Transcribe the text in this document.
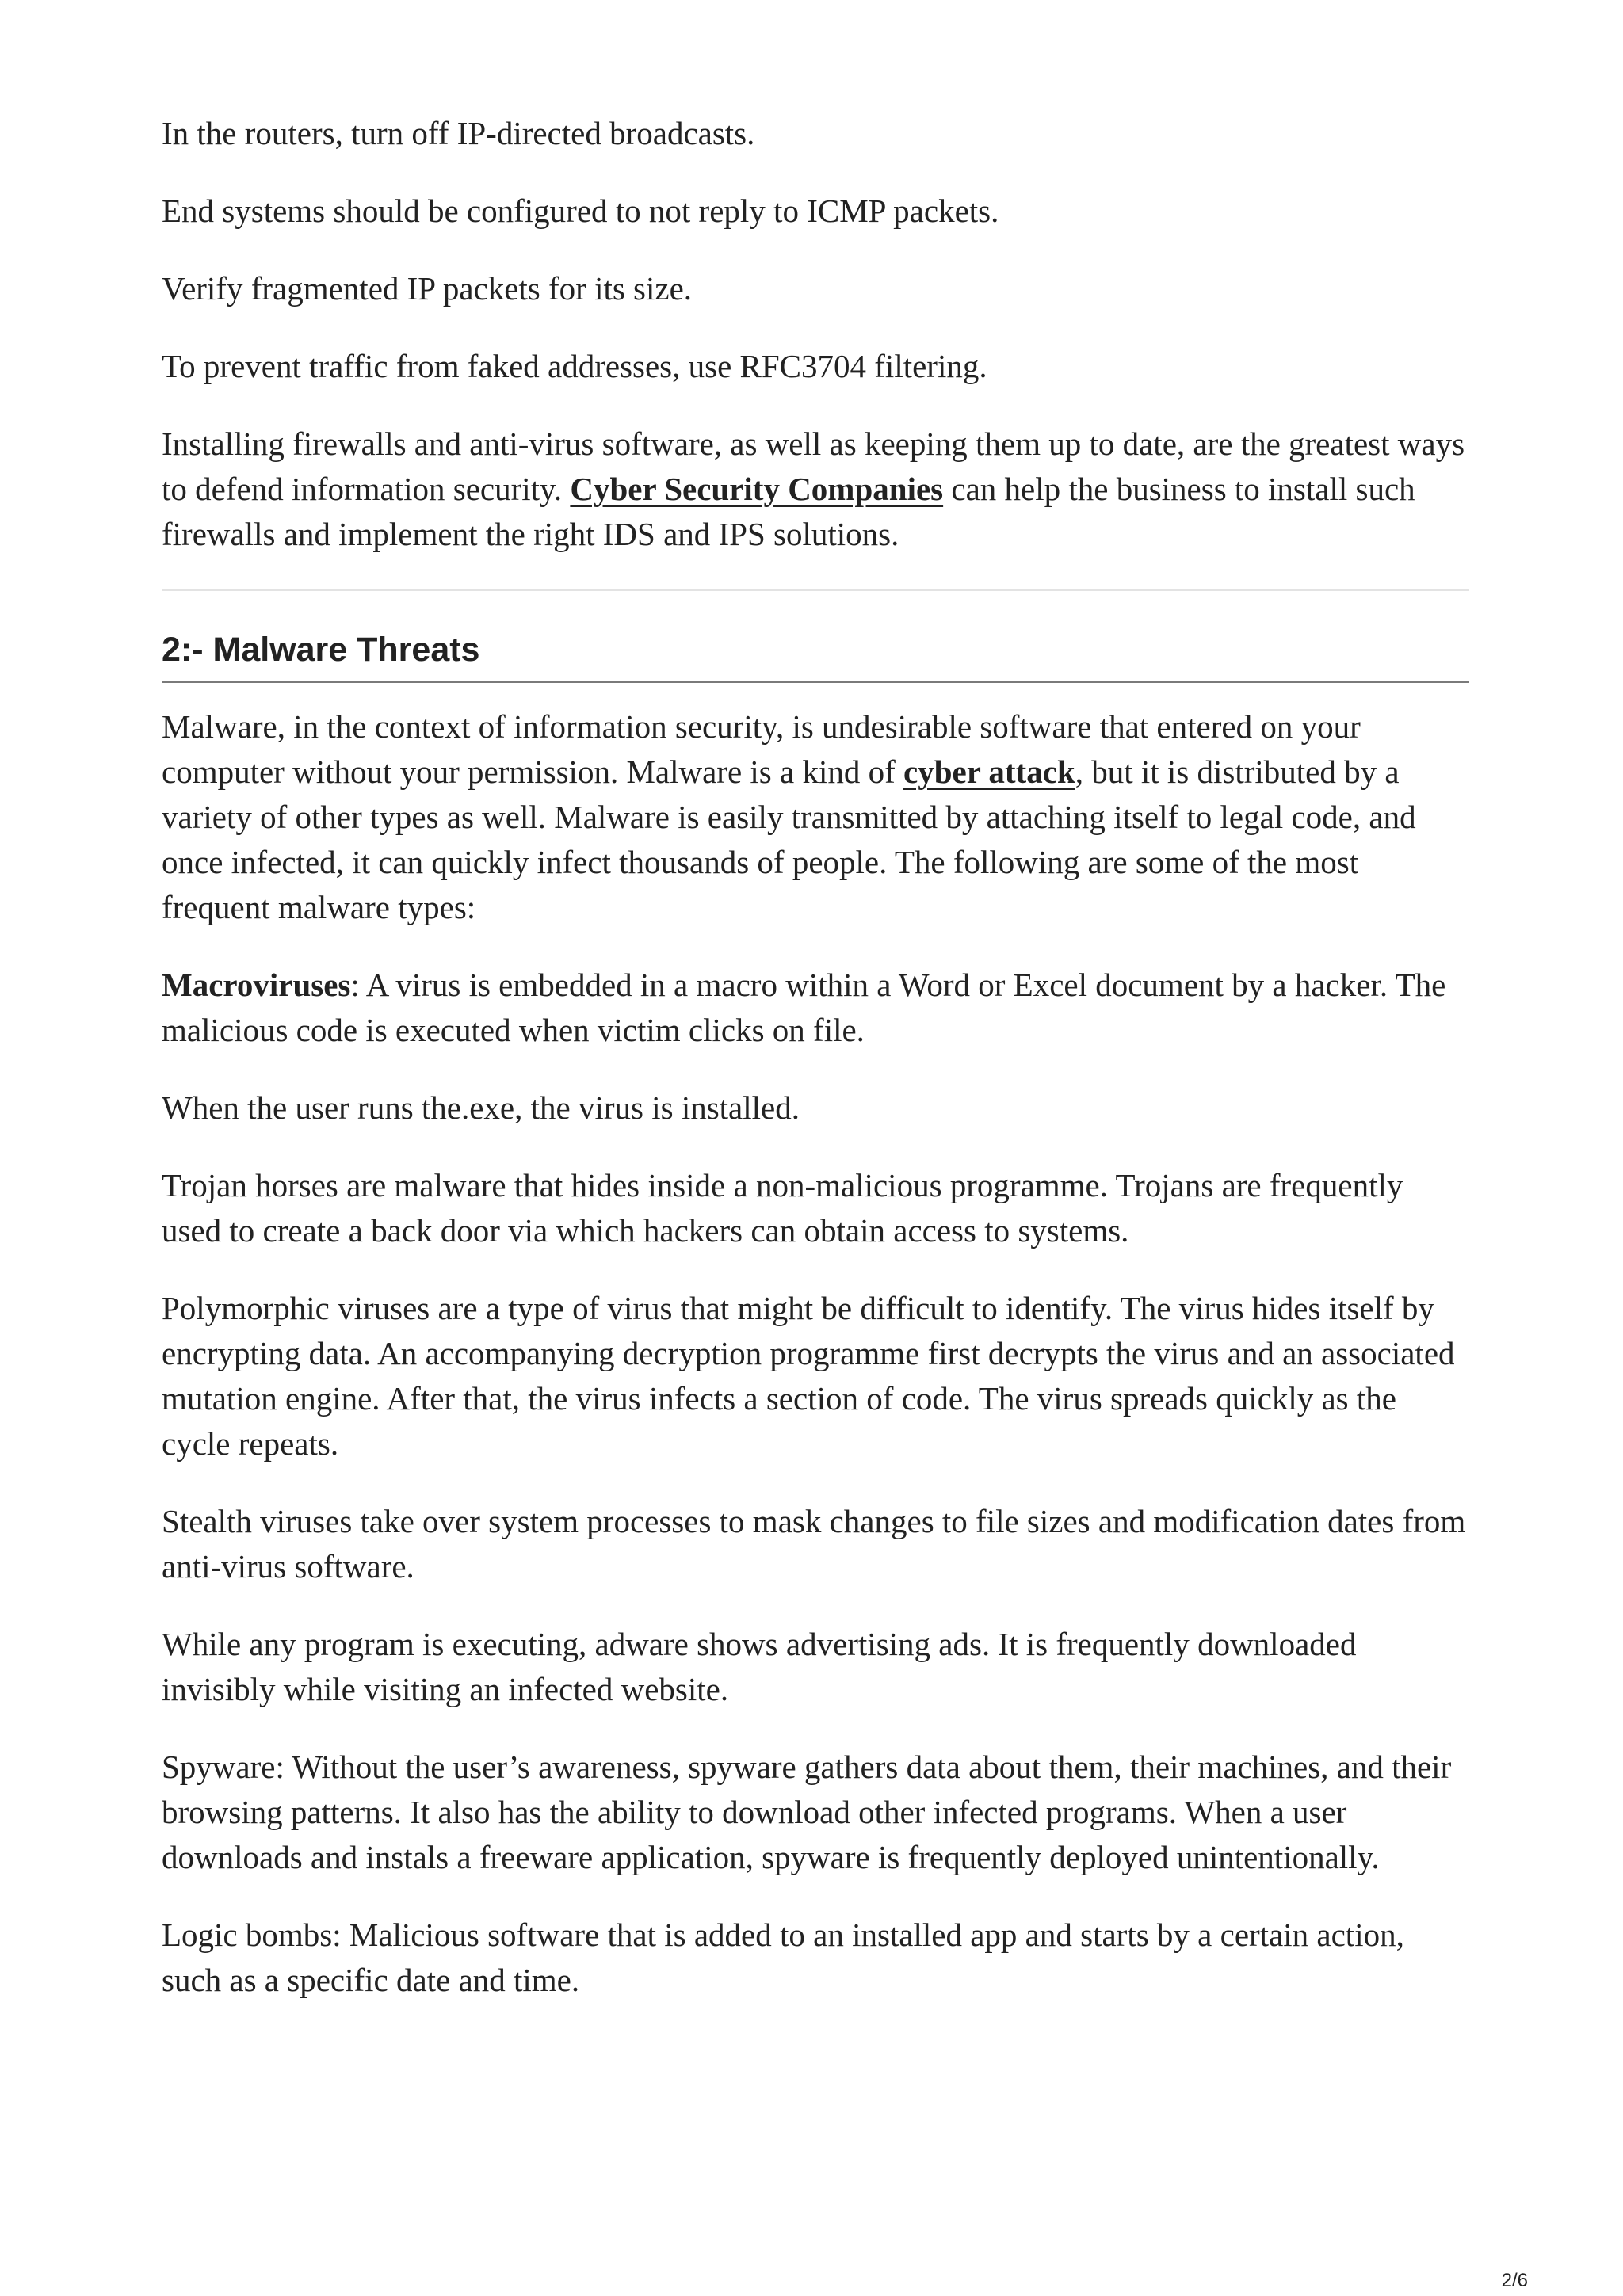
In the routers, turn off IP-directed broadcasts.

End systems should be configured to not reply to ICMP packets.

Verify fragmented IP packets for its size.

To prevent traffic from faked addresses, use RFC3704 filtering.

Installing firewalls and anti-virus software, as well as keeping them up to date, are the greatest ways to defend information security. Cyber Security Companies can help the business to install such firewalls and implement the right IDS and IPS solutions.

2:- Malware Threats

Malware, in the context of information security, is undesirable software that entered on your computer without your permission. Malware is a kind of cyber attack, but it is distributed by a variety of other types as well. Malware is easily transmitted by attaching itself to legal code, and once infected, it can quickly infect thousands of people. The following are some of the most frequent malware types:

Macroviruses: A virus is embedded in a macro within a Word or Excel document by a hacker. The malicious code is executed when victim clicks on file.

When the user runs the.exe, the virus is installed.

Trojan horses are malware that hides inside a non-malicious programme. Trojans are frequently used to create a back door via which hackers can obtain access to systems.

Polymorphic viruses are a type of virus that might be difficult to identify. The virus hides itself by encrypting data. An accompanying decryption programme first decrypts the virus and an associated mutation engine. After that, the virus infects a section of code. The virus spreads quickly as the cycle repeats.

Stealth viruses take over system processes to mask changes to file sizes and modification dates from anti-virus software.

While any program is executing, adware shows advertising ads. It is frequently downloaded invisibly while visiting an infected website.

Spyware: Without the user’s awareness, spyware gathers data about them, their machines, and their browsing patterns. It also has the ability to download other infected programs. When a user downloads and instals a freeware application, spyware is frequently deployed unintentionally.

Logic bombs: Malicious software that is added to an installed app and starts by a certain action, such as a specific date and time.

2/6
